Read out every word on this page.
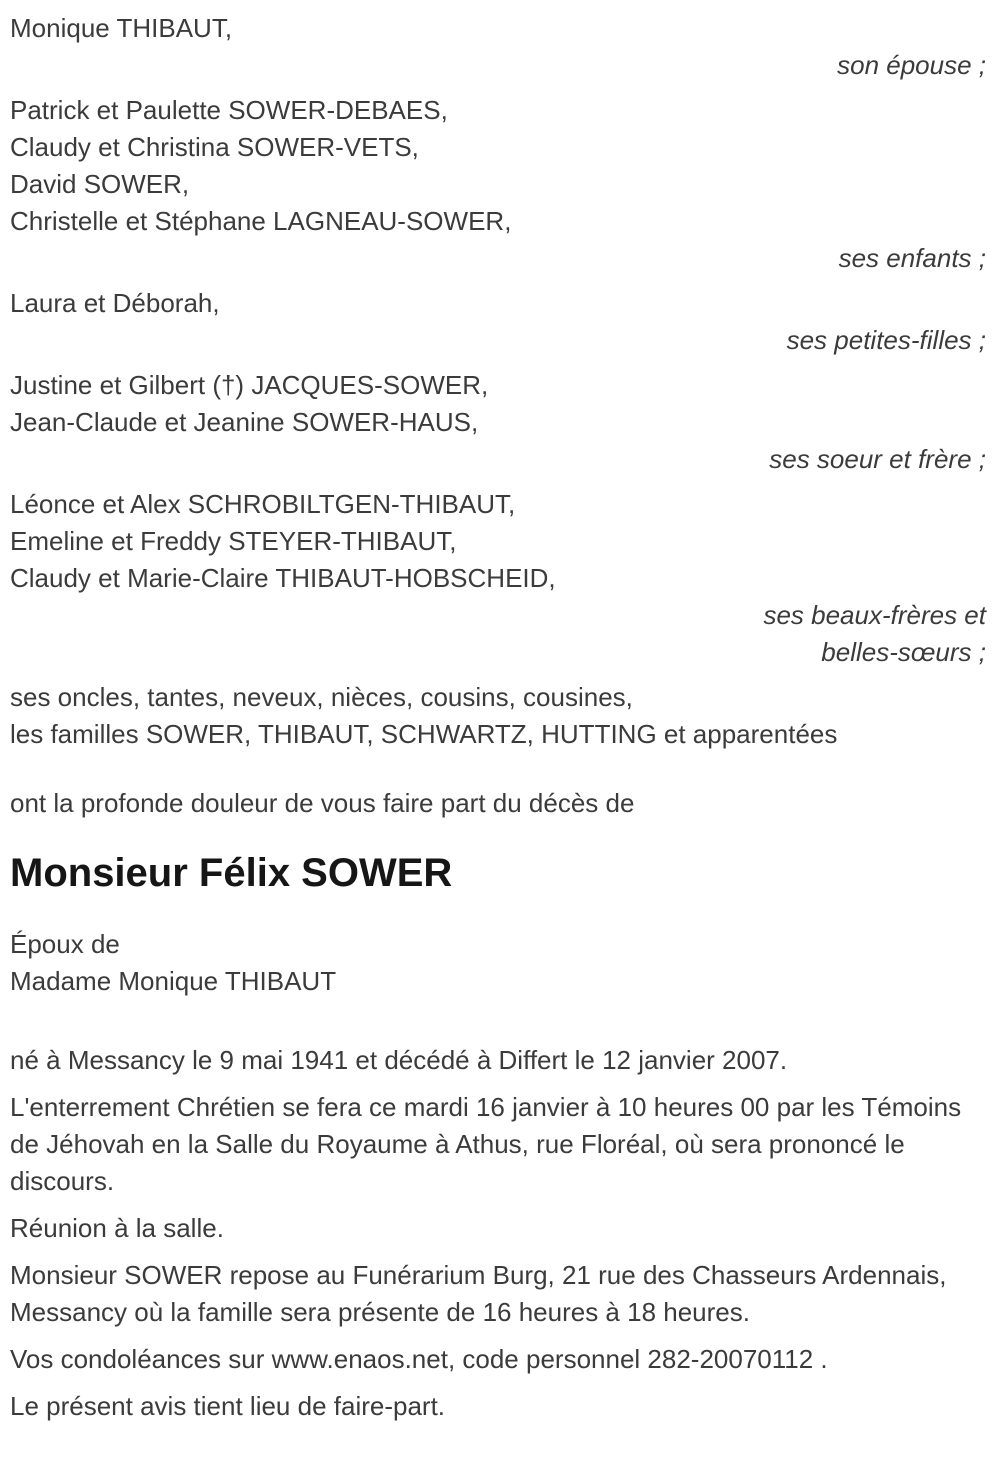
Monique THIBAUT,
son épouse ;
Patrick et Paulette SOWER-DEBAES,
Claudy et Christina SOWER-VETS,
David SOWER,
Christelle et Stéphane LAGNEAU-SOWER,
ses enfants ;
Laura et Déborah,
ses petites-filles ;
Justine et Gilbert (†) JACQUES-SOWER,
Jean-Claude et Jeanine SOWER-HAUS,
ses soeur et frère ;
Léonce et Alex SCHROBILTGEN-THIBAUT,
Emeline et Freddy STEYER-THIBAUT,
Claudy et Marie-Claire THIBAUT-HOBSCHEID,
ses beaux-frères et
belles-sœurs ;
ses oncles, tantes, neveux, nièces, cousins, cousines,
les familles SOWER, THIBAUT, SCHWARTZ, HUTTING et apparentées

ont la profonde douleur de vous faire part du décès de

Monsieur Félix SOWER
Époux de
Madame Monique THIBAUT

né à Messancy le 9 mai 1941 et décédé à Differt le 12 janvier 2007.

L'enterrement Chrétien se fera ce mardi 16 janvier à 10 heures 00 par les Témoins de Jéhovah en la Salle du Royaume à Athus, rue Floréal, où sera prononcé le discours.

Réunion à la salle.

Monsieur SOWER repose au Funérarium Burg, 21 rue des Chasseurs Ardennais, Messancy où la famille sera présente de 16 heures à 18 heures.

Vos condoléances sur www.enaos.net, code personnel 282-20070112 .

Le présent avis tient lieu de faire-part.
